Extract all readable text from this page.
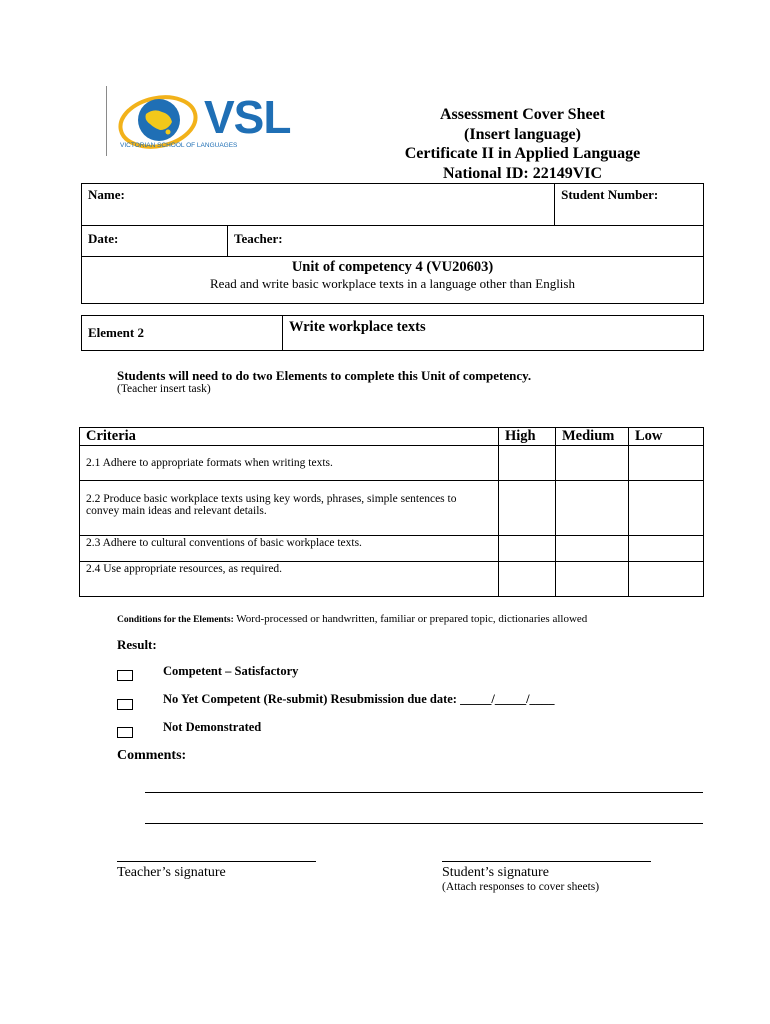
VSL
VICTORIAN SCHOOL OF LANGUAGES
Assessment Cover Sheet
(Insert language)
Certificate II in Applied Language
National ID: 22149VIC
Name:		Student Number:
Date:	Teacher:	

Unit of competency 4 (VU20603)
Read and write basic workplace texts in a language other than English		
Element 2	Write workplace texts
Students will need to do two Elements to complete this Unit of competency.
(Teacher insert task)
Criteria	High	Medium	Low
2.1 Adhere to appropriate formats when writing texts.			
2.2 Produce basic workplace texts using key words, phrases, simple sentences to convey main ideas and relevant details.			
2.3 Adhere to cultural conventions of basic workplace texts.			
2.4 Use appropriate resources, as required.			
Conditions for the Elements: Word-processed or handwritten, familiar or prepared topic, dictionaries allowed
Result:
Competent – Satisfactory
No Yet Competent (Re-submit) Resubmission due date: _____/_____/____
Not Demonstrated
Comments:
Teacher’s signature	Student’s signature
(Attach responses to cover sheets)
